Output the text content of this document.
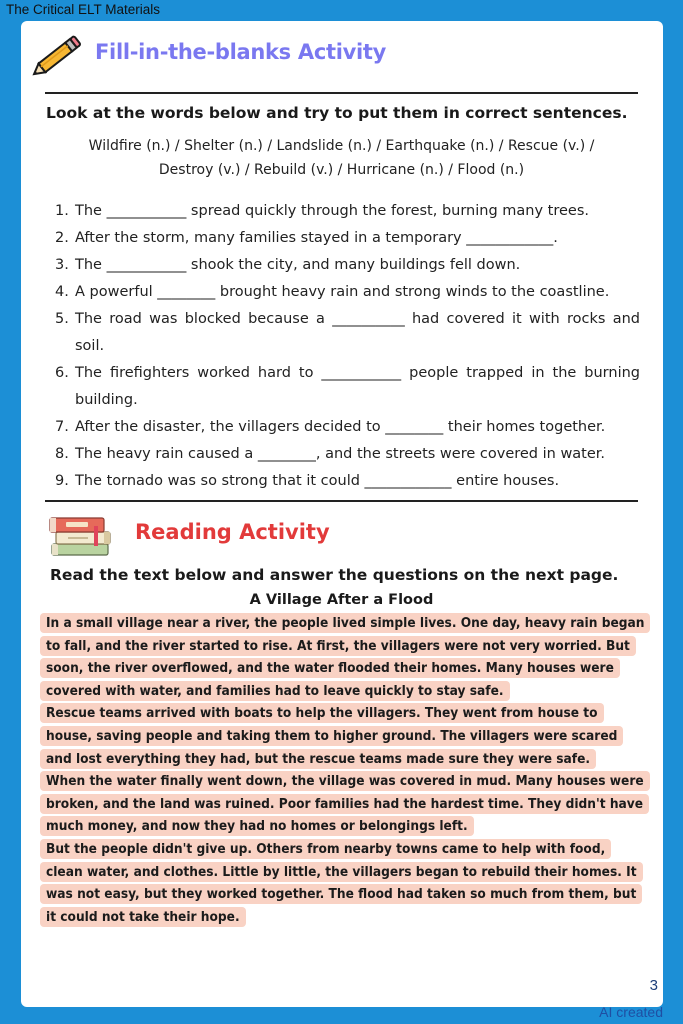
The Critical ELT Materials
Fill-in-the-blanks Activity
Look at the words below and try to put them in correct sentences.
Wildfire (n.) / Shelter (n.) / Landslide (n.) / Earthquake (n.) / Rescue (v.) /
Destroy (v.) / Rebuild (v.) / Hurricane (n.) / Flood (n.)
1. The ___________ spread quickly through the forest, burning many trees.
2. After the storm, many families stayed in a temporary ____________.
3. The ___________ shook the city, and many buildings fell down.
4. A powerful ________ brought heavy rain and strong winds to the coastline.
5. The road was blocked because a __________ had covered it with rocks and soil.
6. The firefighters worked hard to ___________ people trapped in the burning building.
7. After the disaster, the villagers decided to ________ their homes together.
8. The heavy rain caused a ________, and the streets were covered in water.
9. The tornado was so strong that it could ____________ entire houses.
Reading Activity
Read the text below and answer the questions on the next page.
A Village After a Flood

In a small village near a river, the people lived simple lives. One day, heavy rain began to fall, and the river started to rise. At first, the villagers were not very worried. But soon, the river overflowed, and the water flooded their homes. Many houses were covered with water, and families had to leave quickly to stay safe.

Rescue teams arrived with boats to help the villagers. They went from house to house, saving people and taking them to higher ground. The villagers were scared and lost everything they had, but the rescue teams made sure they were safe.

When the water finally went down, the village was covered in mud. Many houses were broken, and the land was ruined. Poor families had the hardest time. They didn't have much money, and now they had no homes or belongings left.

But the people didn't give up. Others from nearby towns came to help with food, clean water, and clothes. Little by little, the villagers began to rebuild their homes. It was not easy, but they worked together. The flood had taken so much from them, but it could not take their hope.

3
AI created
